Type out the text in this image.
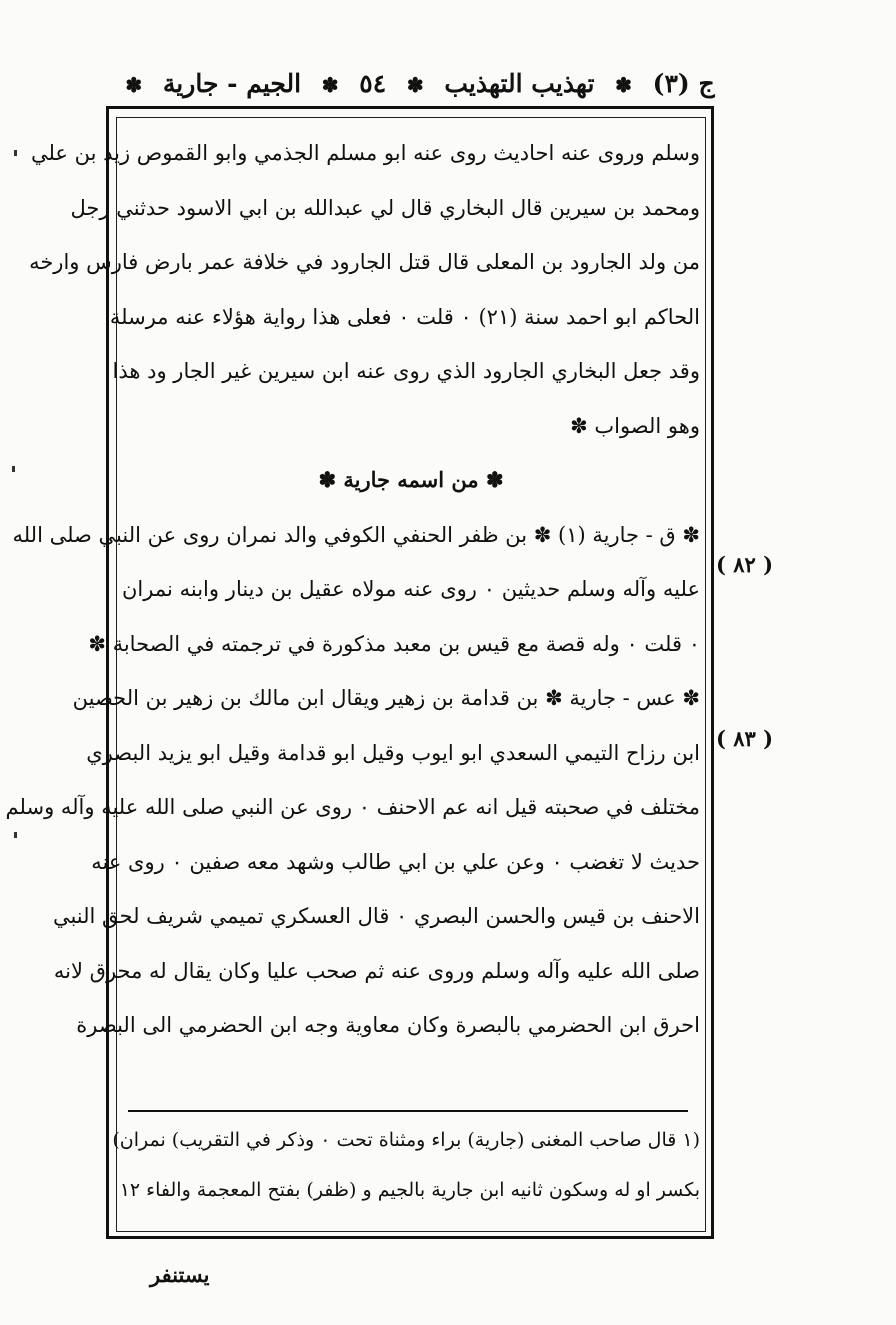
ج (٣) ✽ تهذيب التهذيب ✽ ٥٤ ✽ الجيم - جارية ✽
وسلم وروى عنه احاديث روى عنه ابو مسلم الجذمي وابو القموص زيد بن علي
ومحمد بن سيرين قال البخاري قال لي عبدالله بن ابي الاسود حدثني رجل
من ولد الجارود بن المعلى قال قتل الجارود في خلافة عمر بارض فارس وارخه
الحاكم ابو احمد سنة (٢١) ٠ قلت ٠ فعلى هذا رواية هؤلاء عنه مرسلة
وقد جعل البخاري الجارود الذي روى عنه ابن سيرين غير الجار ود هذا
وهو الصواب ✽
✽ من اسمه جارية ✽
✽ ق - جارية (١) ✽ بن ظفر الحنفي الكوفي والد نمران روى عن النبي صلى الله
عليه وآله وسلم حديثين ٠ روى عنه مولاه عقيل بن دينار وابنه نمران
٠ قلت ٠ وله قصة مع قيس بن معبد مذكورة في ترجمته في الصحابة ✽
✽ عس - جارية ✽ بن قدامة بن زهير ويقال ابن مالك بن زهير بن الحصين
ابن رزاح التيمي السعدي ابو ايوب وقيل ابو قدامة وقيل ابو يزيد البصري
مختلف في صحبته قيل انه عم الاحنف ٠ روى عن النبي صلى الله عليه وآله وسلم
حديث لا تغضب ٠ وعن علي بن ابي طالب وشهد معه صفين ٠ روى عنه
الاحنف بن قيس والحسن البصري ٠ قال العسكري تميمي شريف لحق النبي
صلى الله عليه وآله وسلم وروى عنه ثم صحب عليا وكان يقال له محرق لانه
احرق ابن الحضرمي بالبصرة وكان معاوية وجه ابن الحضرمي الى البصرة
( ٨٢ )
( ٨٣ )
(١ قال صاحب المغنى (جارية) براء ومثناة تحت ٠ وذكر في التقريب) نمران)
بكسر او له وسكون ثانيه ابن جارية بالجيم و (ظفر) بفتح المعجمة والفاء ١٢
يستنفر
